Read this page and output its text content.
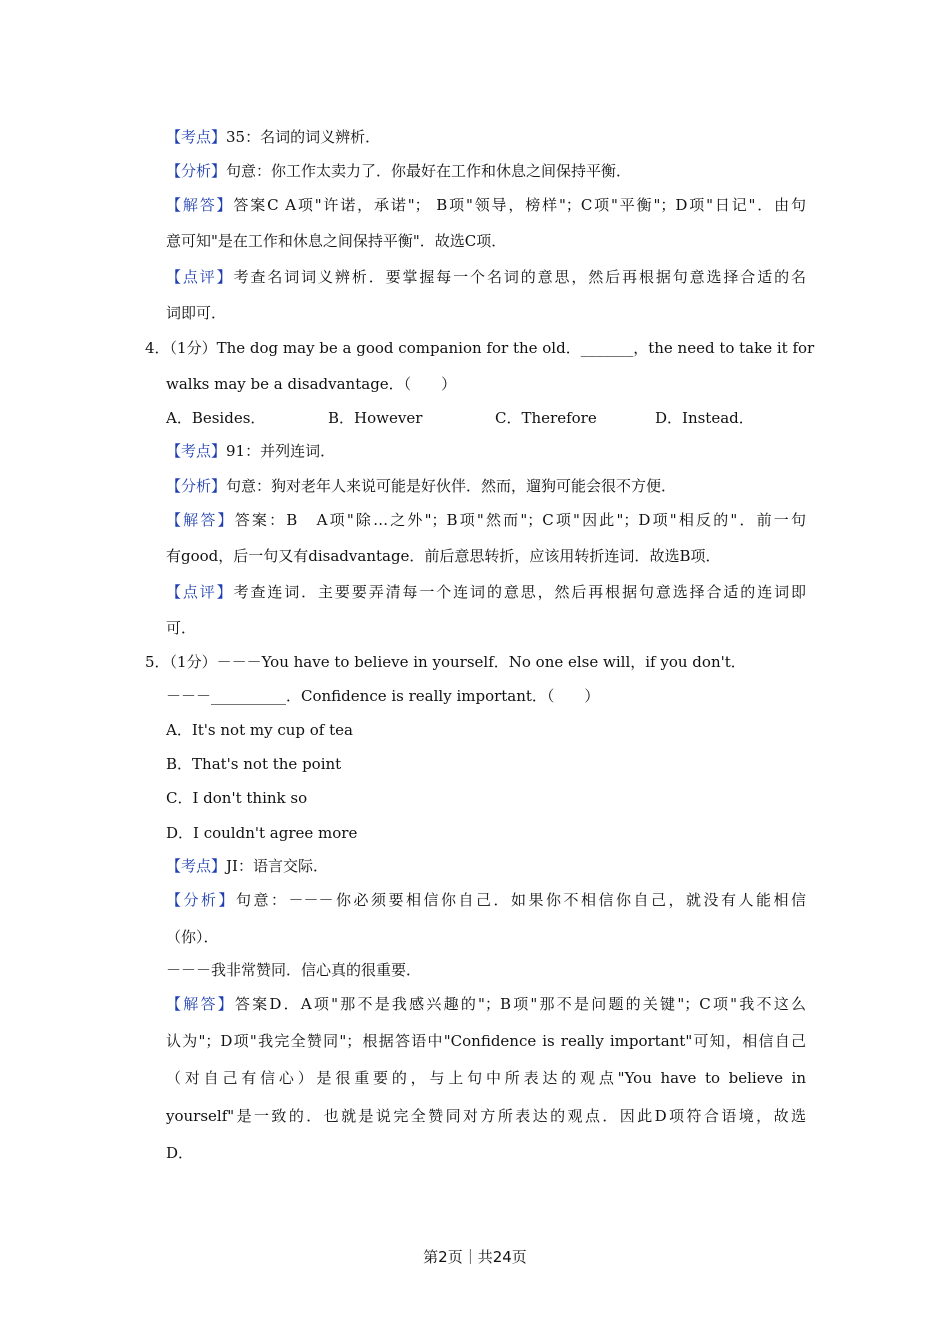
【考点】35：名词的词义辨析．
【分析】句意：你工作太卖力了．你最好在工作和休息之间保持平衡．
【解答】答案C A项"许诺，承诺"； B项"领导，榜样"；C项"平衡"；D项"日记"．由句
意可知"是在工作和休息之间保持平衡"．故选C项．
【点评】考查名词词义辨析．要掌握每一个名词的意思，然后再根据句意选择合适的名
词即可．
4．（1分）The dog may be a good companion for the old．_______，the need to take it for
walks may be a disadvantage．（　　）
A．Besides．	B．However	C．Therefore	D．Instead．
【考点】91：并列连词．
【分析】句意：狗对老年人来说可能是好伙伴．然而，遛狗可能会很不方便．
【解答】答案：B　A项"除…之外"；B项"然而"；C项"因此"；D项"相反的"．前一句
有good，后一句又有disadvantage．前后意思转折，应该用转折连词．故选B项．
【点评】考查连词．主要要弄清每一个连词的意思，然后再根据句意选择合适的连词即
可．
5．（1分）－－－You have to believe in yourself．No one else will，if you don't．
－－－__________．Confidence is really important．（　　）
A．It's not my cup of tea
B．That's not the point
C．I don't think so
D．I couldn't agree more
【考点】JI：语言交际．
【分析】句意：－－－你必须要相信你自己．如果你不相信你自己，就没有人能相信
（你）．
－－－我非常赞同．信心真的很重要．
【解答】答案D．A项"那不是我感兴趣的"；B项"那不是问题的关键"；C项"我不这么
认为"；D项"我完全赞同"；根据答语中"Confidence is really important"可知，相信自己
（对自己有信心）是很重要的，与上句中所表达的观点"You have to believe in
yourself"是一致的．也就是说完全赞同对方所表达的观点．因此D项符合语境，故选
D．
第2页｜共24页
